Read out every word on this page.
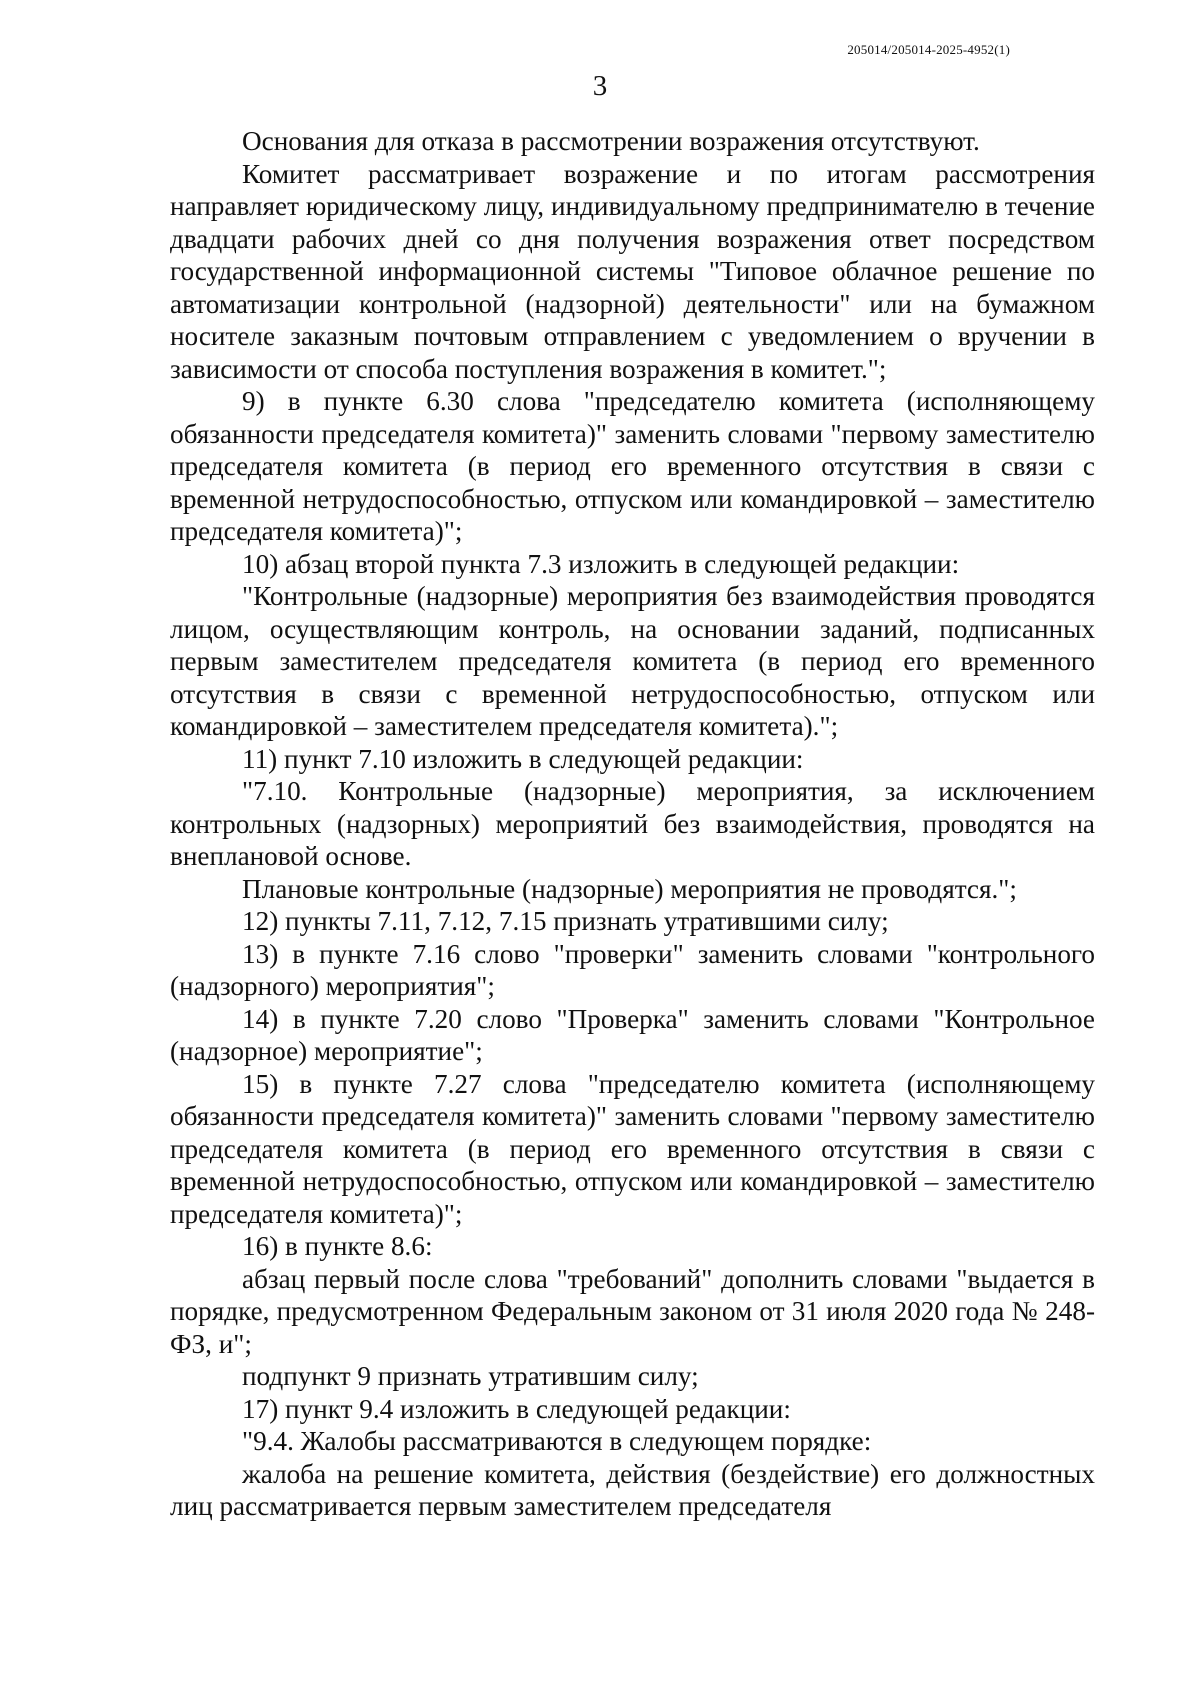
205014/205014-2025-4952(1)
3

Основания для отказа в рассмотрении возражения отсутствуют.

Комитет рассматривает возражение и по итогам рассмотрения направляет юридическому лицу, индивидуальному предпринимателю в течение двадцати рабочих дней со дня получения возражения ответ посредством государственной информационной системы "Типовое облачное решение по автоматизации контрольной (надзорной) деятельности" или на бумажном носителе заказным почтовым отправлением с уведомлением о вручении в зависимости от способа поступления возражения в комитет.";

9) в пункте 6.30 слова "председателю комитета (исполняющему обязанности председателя комитета)" заменить словами "первому заместителю председателя комитета (в период его временного отсутствия в связи с временной нетрудоспособностью, отпуском или командировкой – заместителю председателя комитета)";

10) абзац второй пункта 7.3 изложить в следующей редакции:

"Контрольные (надзорные) мероприятия без взаимодействия проводятся лицом, осуществляющим контроль, на основании заданий, подписанных первым заместителем председателя комитета (в период его временного отсутствия в связи с временной нетрудоспособностью, отпуском или командировкой – заместителем председателя комитета).";

11) пункт 7.10 изложить в следующей редакции:

"7.10. Контрольные (надзорные) мероприятия, за исключением контрольных (надзорных) мероприятий без взаимодействия, проводятся на внеплановой основе.

Плановые контрольные (надзорные) мероприятия не проводятся.";

12) пункты 7.11, 7.12, 7.15 признать утратившими силу;

13) в пункте 7.16 слово "проверки" заменить словами "контрольного (надзорного) мероприятия";

14) в пункте 7.20 слово "Проверка" заменить словами "Контрольное (надзорное) мероприятие";

15) в пункте 7.27 слова "председателю комитета (исполняющему обязанности председателя комитета)" заменить словами "первому заместителю председателя комитета (в период его временного отсутствия в связи с временной нетрудоспособностью, отпуском или командировкой – заместителю председателя комитета)";

16) в пункте 8.6:

абзац первый после слова "требований" дополнить словами "выдается в порядке, предусмотренном Федеральным законом от 31 июля 2020 года № 248-ФЗ, и";

подпункт 9 признать утратившим силу;

17) пункт 9.4 изложить в следующей редакции:

"9.4. Жалобы рассматриваются в следующем порядке:

жалоба на решение комитета, действия (бездействие) его должностных лиц рассматривается первым заместителем председателя
